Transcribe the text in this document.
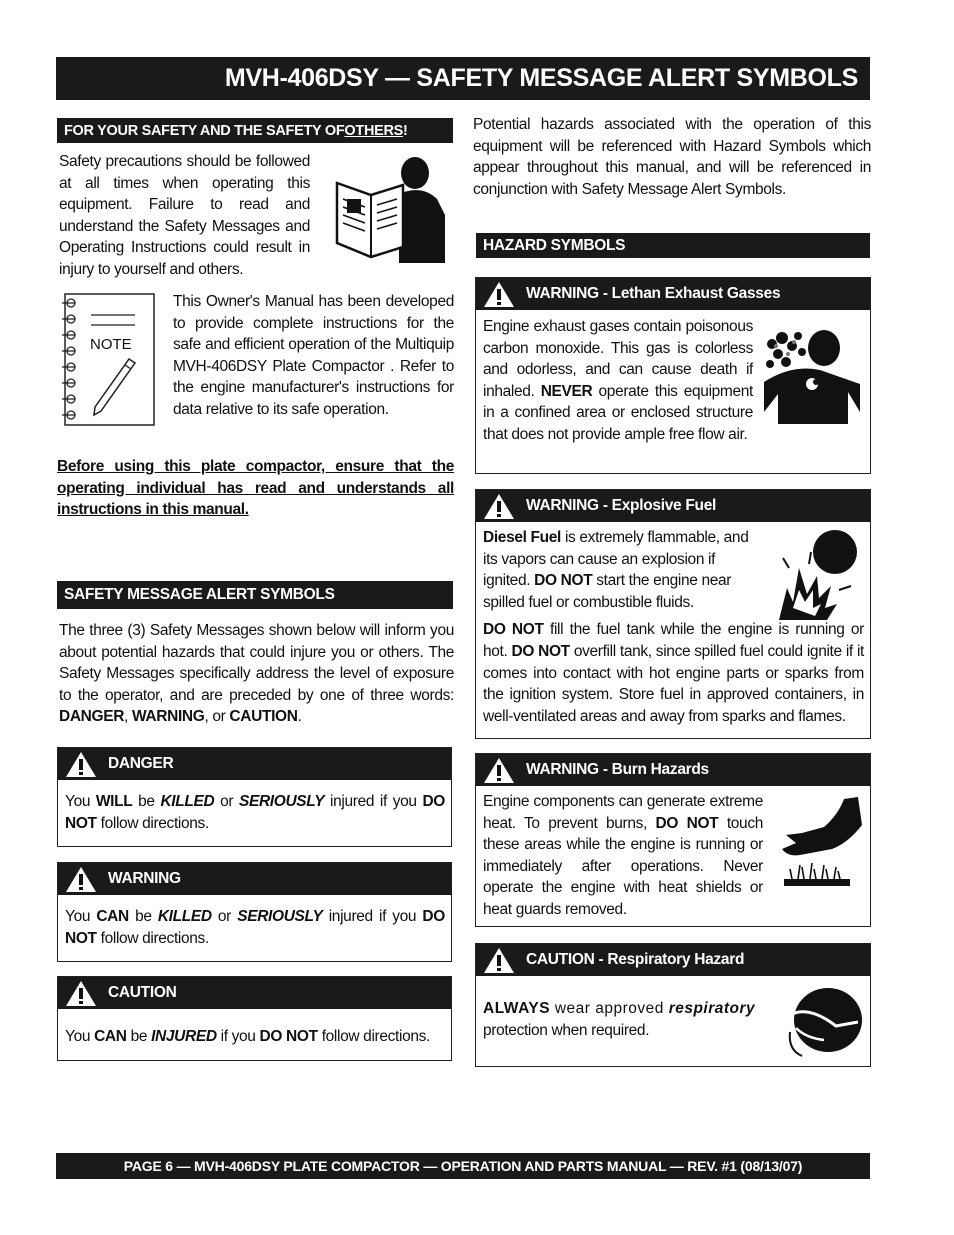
MVH-406DSY — SAFETY MESSAGE ALERT SYMBOLS
FOR YOUR SAFETY AND THE SAFETY OF OTHERS !
Safety precautions should be followed at all times when operating this equipment. Failure to read and understand the Safety Messages and Operating Instructions could result in injury to yourself and others.
NOTE
This Owner's Manual has been developed to provide complete instructions for the safe and efficient operation of the Multiquip MVH-406DSY Plate Compactor . Refer to the engine manufacturer's instructions for data relative to its safe operation.
Before using this plate compactor, ensure that the operating individual has read and understands all instructions in this manual.
SAFETY MESSAGE ALERT SYMBOLS
The three (3) Safety Messages shown below will inform you about potential hazards that could injure you or others. The Safety Messages specifically address the level of exposure to the operator, and are preceded by one of three words: DANGER, WARNING, or CAUTION.
DANGER
You WILL be KILLED or SERIOUSLY injured if you DO NOT follow directions.
WARNING
You CAN be KILLED or SERIOUSLY injured if you DO NOT follow directions.
CAUTION
You CAN be INJURED if you DO NOT follow directions.
Potential hazards associated with the operation of this equipment will be referenced with Hazard Symbols which appear throughout this manual, and will be referenced in conjunction with Safety Message Alert Symbols.
HAZARD SYMBOLS
WARNING - Lethan Exhaust Gasses
Engine exhaust gases contain poisonous carbon monoxide. This gas is colorless and odorless, and can cause death if inhaled. NEVER operate this equipment in a confined area or enclosed structure that does not provide ample free flow air.
WARNING - Explosive Fuel
Diesel Fuel is extremely flammable, and its vapors can cause an explosion if ignited. DO NOT start the engine near spilled fuel or combustible fluids.
DO NOT fill the fuel tank while the engine is running or hot. DO NOT overfill tank, since spilled fuel could ignite if it comes into contact with hot engine parts or sparks from the ignition system. Store fuel in approved containers, in well-ventilated areas and away from sparks and flames.
WARNING - Burn Hazards
Engine components can generate extreme heat. To prevent burns, DO NOT touch these areas while the engine is running or immediately after operations. Never operate the engine with heat shields or heat guards removed.
CAUTION - Respiratory Hazard
ALWAYS wear approved respiratory protection when required.
PAGE 6 — MVH-406DSY PLATE COMPACTOR — OPERATION AND PARTS MANUAL — REV. #1 (08/13/07)
